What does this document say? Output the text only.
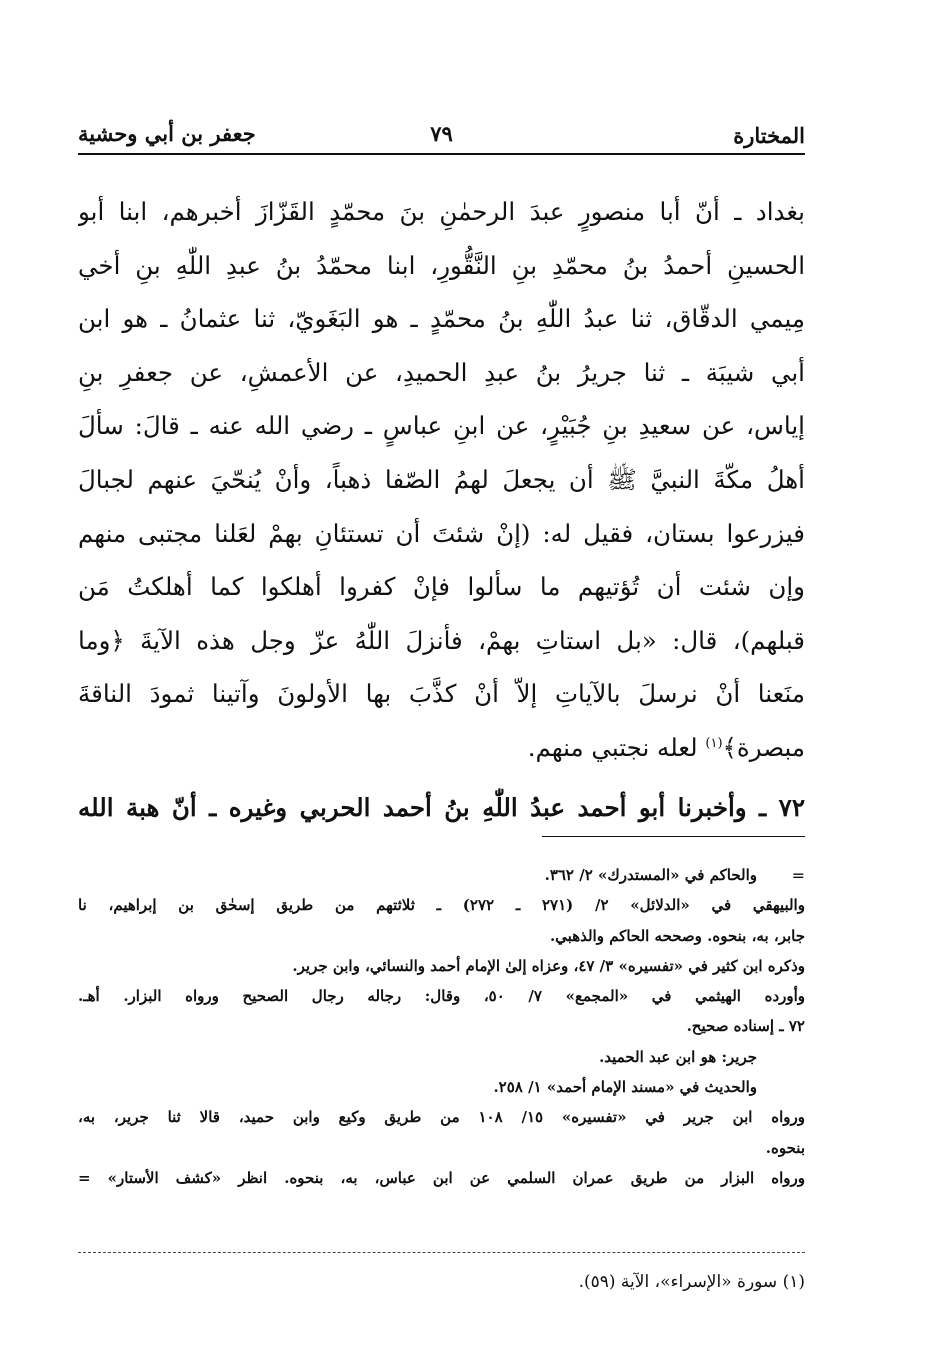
المختارة
٧٩
جعفر بن أبي وحشية
بغداد ـ أنّ أبا منصورٍ عبدَ الرحمٰنِ بنَ محمّدٍ القَزّازَ أخبرهم، ابنا أبو
الحسينِ أحمدُ بنُ محمّدِ بنِ النَّقُّورِ، ابنا محمّدُ بنُ عبدِ اللّٰهِ بنِ أخي
مِيمي الدقّاق، ثنا عبدُ اللّٰهِ بنُ محمّدٍ ـ هو البَغَويّ، ثنا عثمانُ ـ هو ابن
أبي شيبَة ـ ثنا جريرُ بنُ عبدِ الحميدِ، عن الأعمشِ، عن جعفرِ بنِ
إياس، عن سعيدِ بنِ جُبَيْرٍ، عن ابنِ عباسٍ ـ رضي الله عنه ـ قالَ: سألَ
أهلُ مكّةَ النبيَّ ﷺ أن يجعلَ لهمُ الصّفا ذهباً، وأنْ يُنحّيَ عنهم لجبالَ
فيزرعوا بستان، فقيل له: (إنْ شئتَ أن تستئانِ بهمْ لعَلنا مجتبى منهم
وإن شئت أن تُؤتيهم ما سألوا فإنْ كفروا أهلكوا كما أهلكتُ مَن
قبلهم)، قال: «بل استاتِ بهمْ، فأنزلَ اللّٰهُ عزّ وجل هذه الآيةَ ﴿وما
منَعنا أنْ نرسلَ بالآياتِ إلاّ أنْ كذَّبَ بها الأولونَ وآتينا ثمودَ الناقةَ
مبصرة﴾$^{(١)}$ لعله نجتبي منهم.
٧٢ ـ وأخبرنا أبو أحمد عبدُ اللّٰهِ بنُ أحمد الحربي وغيره ـ أنّ هبة الله
=
والحاكم في «المستدرك» ٢/ ٣٦٢.
والبيهقي في «الدلائل» ٢/ (٢٧١ ـ ٢٧٢) ـ ثلاثتهم من طريق إسحٰق بن إبراهيم، نا
جابر، به، بنحوه. وصححه الحاكم والذهبي.
وذكره ابن كثير في «تفسيره» ٣/ ٤٧، وعزاه إلىٰ الإمام أحمد والنسائي، وابن جرير.
وأورده الهيثمي في «المجمع» ٧/ ٥٠، وقال: رجاله رجال الصحيح ورواه البزار. أهـ.
٧٢ ـ إسناده صحيح.
جرير: هو ابن عبد الحميد.
والحديث في «مسند الإمام أحمد» ١/ ٢٥٨.
ورواه ابن جرير في «تفسيره» ١٥/ ١٠٨ من طريق وكيع وابن حميد، قالا ثنا جرير، به،
بنحوه.
ورواه البزار من طريق عمران السلمي عن ابن عباس، به، بنحوه. انظر «كشف الأستار» =
(١) سورة «الإسراء»، الآية (٥٩).
